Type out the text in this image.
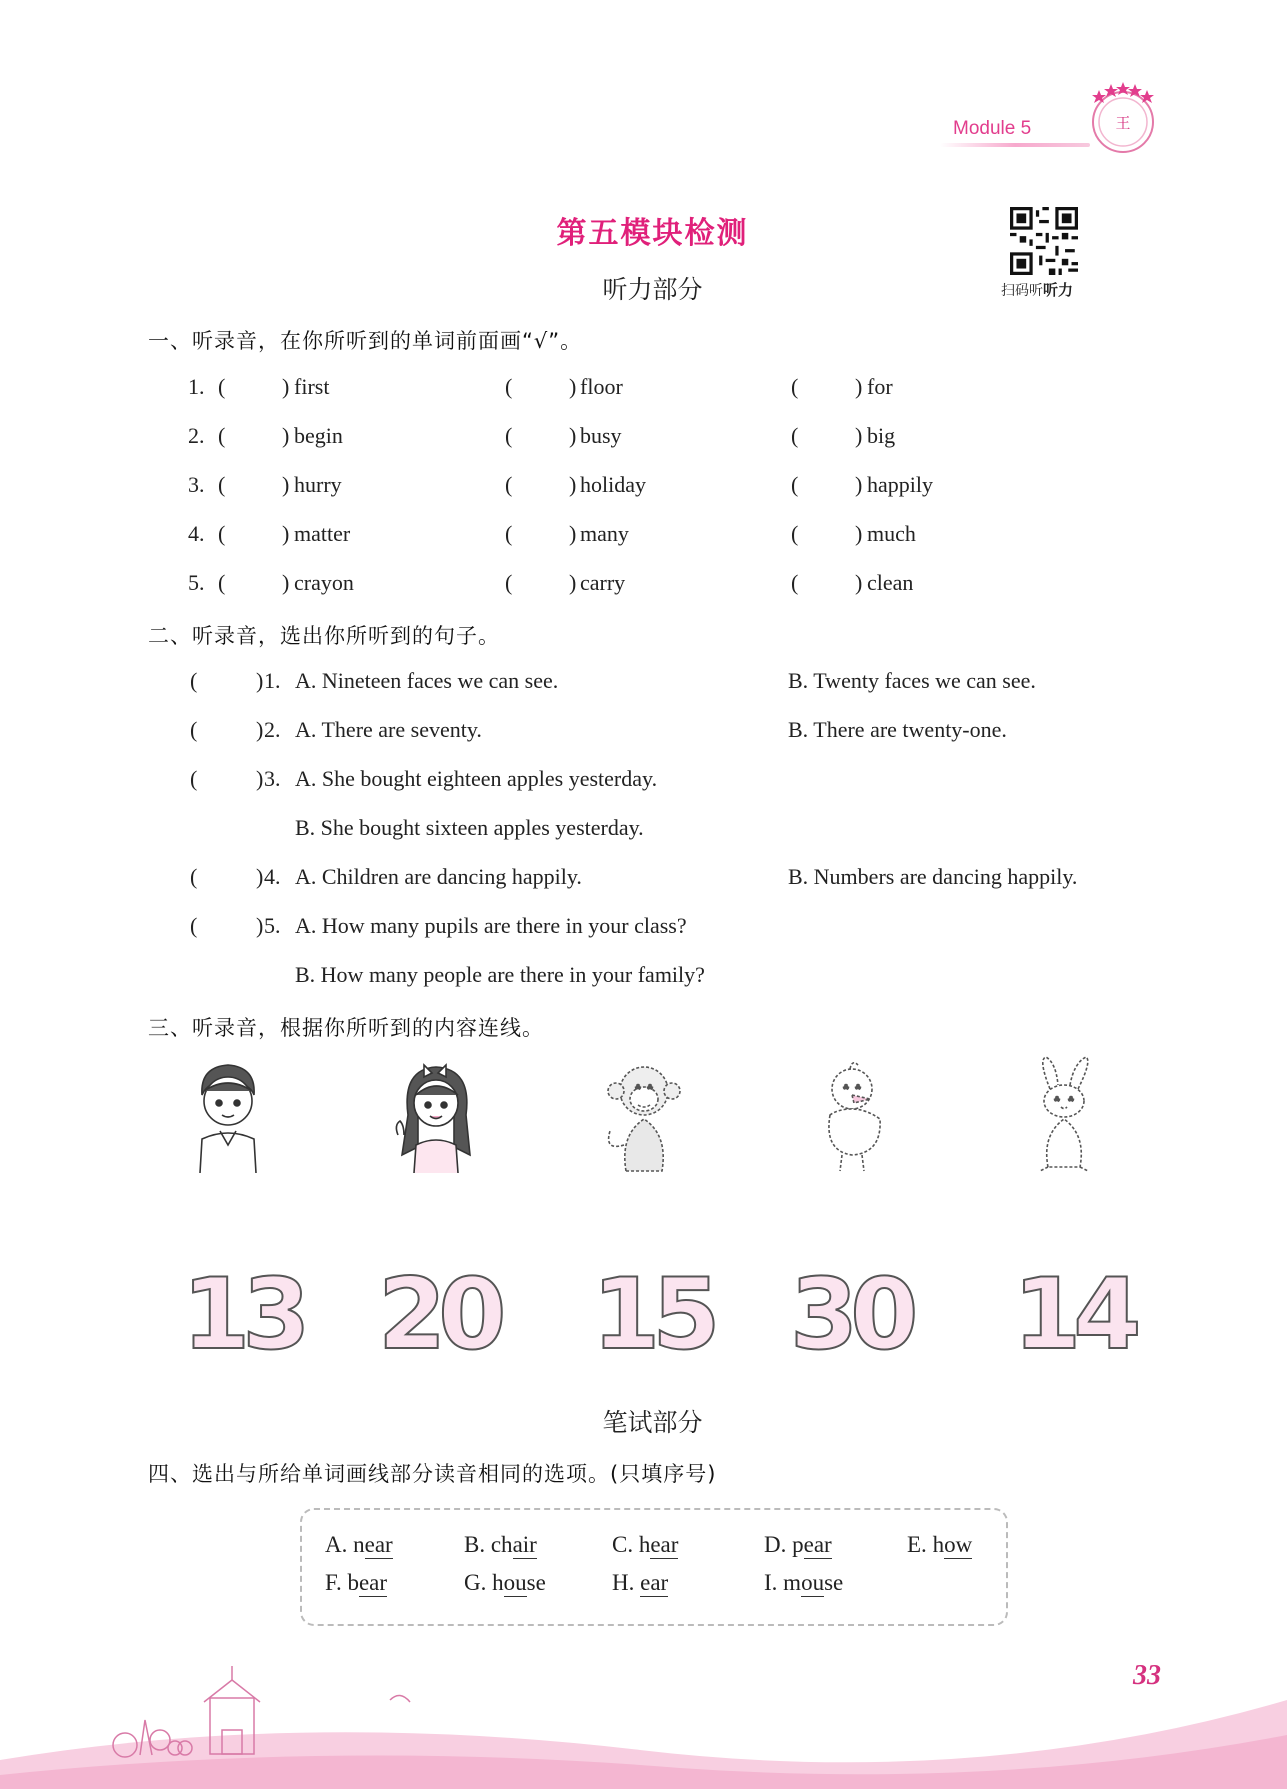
Module 5	王
第五模块检测
听力部分	扫码听听力
一、听录音，在你所听到的单词前面画“√”。
1. (	) first	(	) floor	(	) for
2. (	) begin	(	) busy	(	) big
3. (	) hurry	(	) holiday	(	) happily
4. (	) matter	(	) many	(	) much
5. (	) crayon	(	) carry	(	) clean
二、听录音，选出你所听到的句子。
(	) 1. A. Nineteen faces we can see.	B. Twenty faces we can see.
(	) 2. A. There are seventy.	B. There are twenty-one.
(	) 3. A. She bought eighteen apples yesterday.
B. She bought sixteen apples yesterday.
(	) 4. A. Children are dancing happily.	B. Numbers are dancing happily.
(	) 5. A. How many pupils are there in your class?
B. How many people are there in your family?
三、听录音，根据你所听到的内容连线。
13 20 15 30 14
笔试部分
四、选出与所给单词画线部分读音相同的选项。(只填序号)
A. near	B. chair	C. hear	D. pear	E. how
F. bear	G. house	H. ear	I. mouse
33
